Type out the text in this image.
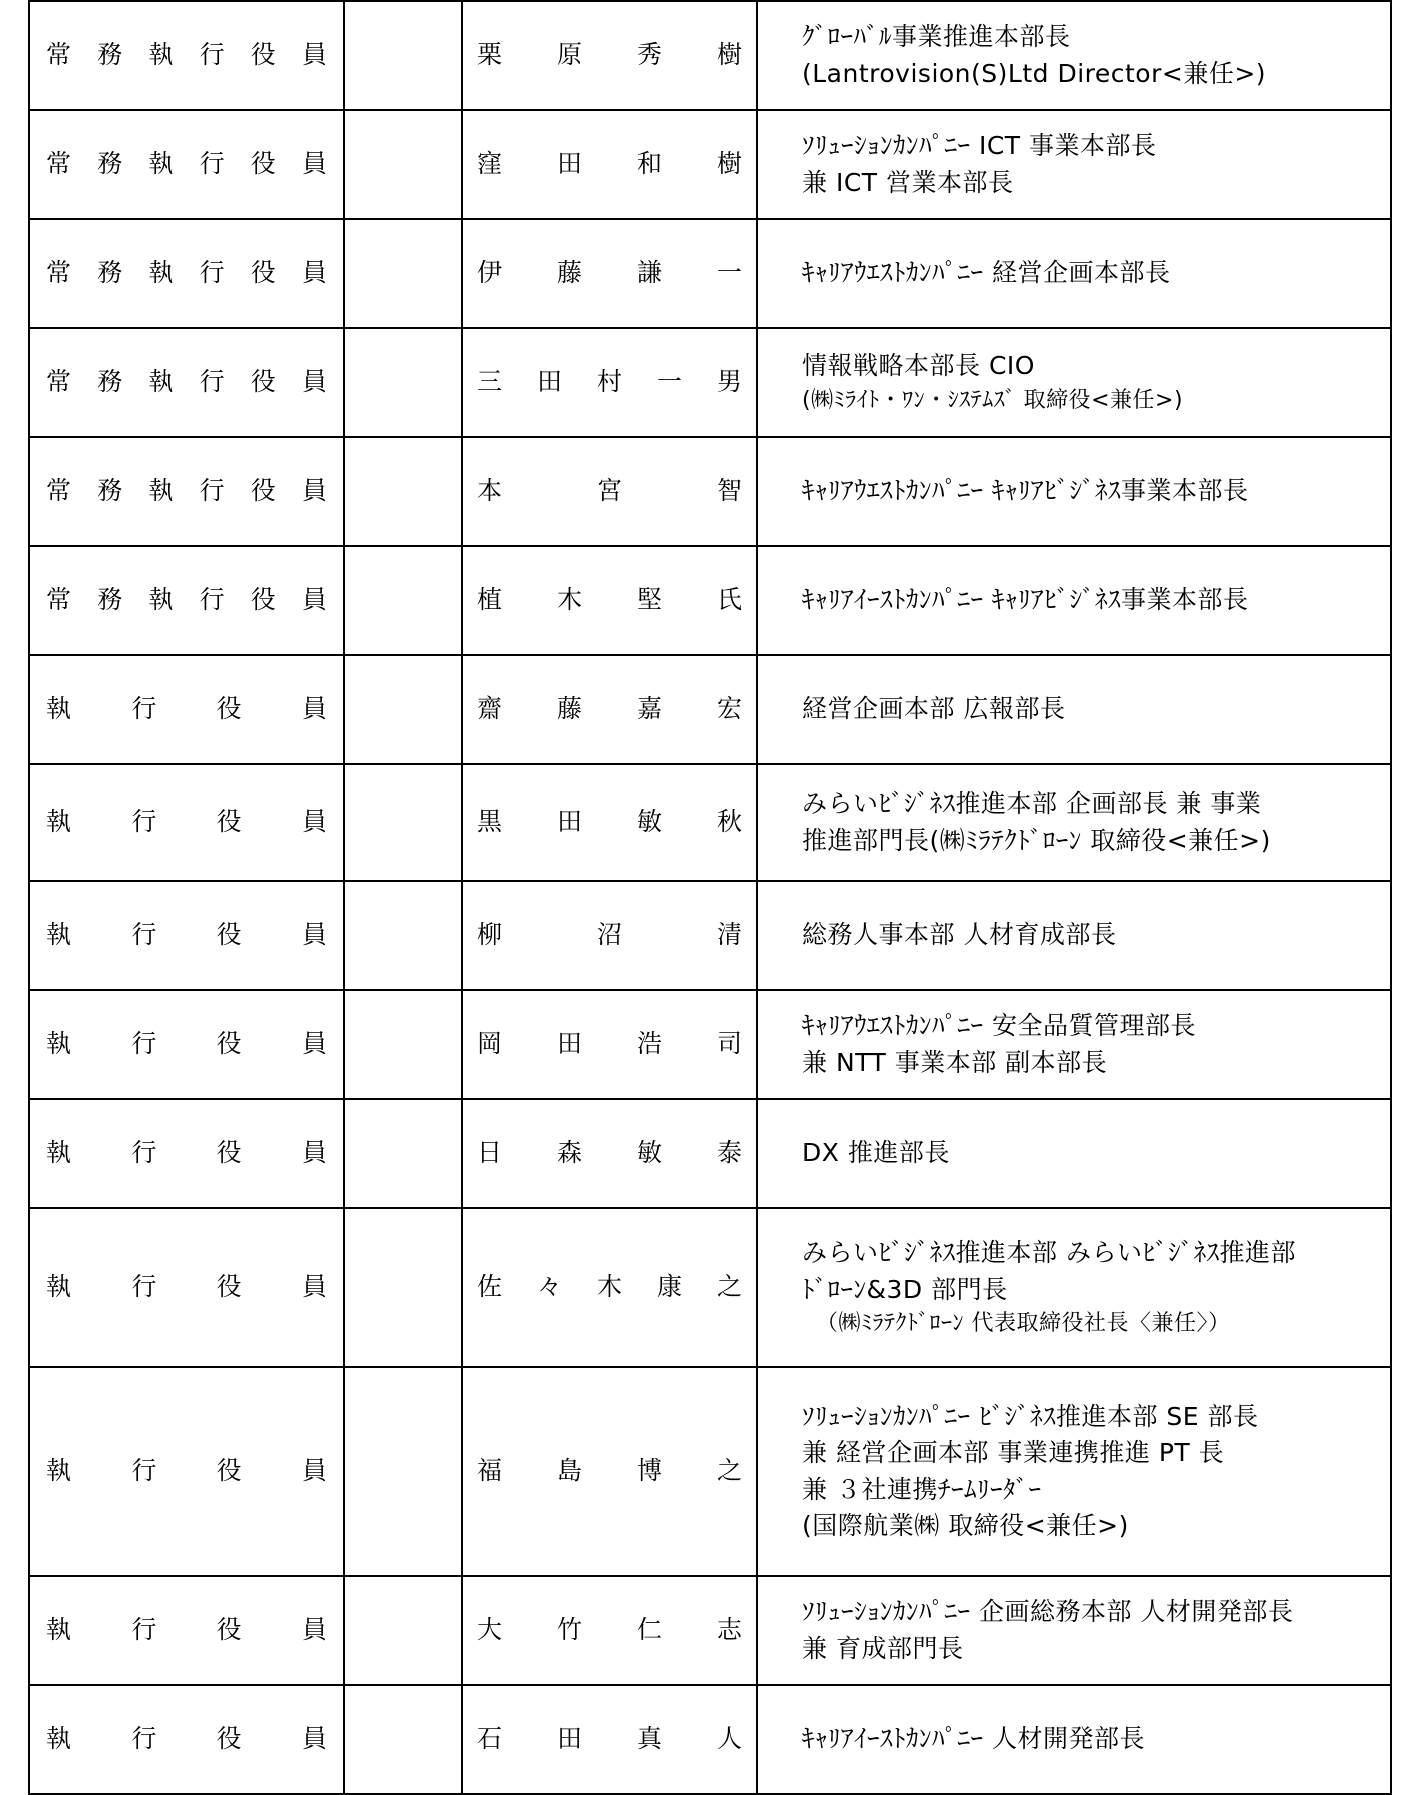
常 務 執 行 役 員		栗 原 秀 樹	ｸﾞﾛｰﾊﾞﾙ事業推進本部長
(Lantrovision(S)Ltd Director<兼任>)

常 務 執 行 役 員		窪 田 和 樹	ｿﾘｭｰｼｮﾝｶﾝﾊﾟﾆｰ ICT 事業本部長
兼 ICT 営業本部長

常 務 執 行 役 員		伊 藤 謙 一	ｷｬﾘｱｳｴｽﾄｶﾝﾊﾟﾆｰ 経営企画本部長

常 務 執 行 役 員		三 田 村 一 男	情報戦略本部長 CIO
(㈱ﾐﾗｲﾄ・ﾜﾝ・ｼｽﾃﾑｽﾞ 取締役<兼任>)

常 務 執 行 役 員		本 宮 智	ｷｬﾘｱｳｴｽﾄｶﾝﾊﾟﾆｰ ｷｬﾘｱﾋﾞｼﾞﾈｽ事業本部長

常 務 執 行 役 員		植 木 堅 氏	ｷｬﾘｱｲｰｽﾄｶﾝﾊﾟﾆｰ ｷｬﾘｱﾋﾞｼﾞﾈｽ事業本部長

執 行 役 員		齋 藤 嘉 宏	経営企画本部 広報部長

執 行 役 員		黒 田 敏 秋	みらいﾋﾞｼﾞﾈｽ推進本部 企画部長 兼 事業
推進部門長(㈱ﾐﾗﾃｸﾄﾞﾛｰﾝ 取締役<兼任>)

執 行 役 員		柳 沼 清	総務人事本部 人材育成部長

執 行 役 員		岡 田 浩 司	ｷｬﾘｱｳｴｽﾄｶﾝﾊﾟﾆｰ 安全品質管理部長
兼 NTT 事業本部 副本部長

執 行 役 員		日 森 敏 泰	DX 推進部長

執 行 役 員		佐 々 木 康 之	みらいﾋﾞｼﾞﾈｽ推進本部 みらいﾋﾞｼﾞﾈｽ推進部
ﾄﾞﾛｰﾝ&3D 部門長
（㈱ﾐﾗﾃｸﾄﾞﾛｰﾝ 代表取締役社長〈兼任〉）

執 行 役 員		福 島 博 之	ｿﾘｭｰｼｮﾝｶﾝﾊﾟﾆｰ ﾋﾞｼﾞﾈｽ推進本部 SE 部長
兼 経営企画本部 事業連携推進 PT 長
兼 ３社連携ﾁｰﾑﾘｰﾀﾞｰ
(国際航業㈱ 取締役<兼任>)

執 行 役 員		大 竹 仁 志	ｿﾘｭｰｼｮﾝｶﾝﾊﾟﾆｰ 企画総務本部 人材開発部長
兼 育成部門長

執 行 役 員		石 田 真 人	ｷｬﾘｱｲｰｽﾄｶﾝﾊﾟﾆｰ 人材開発部長
